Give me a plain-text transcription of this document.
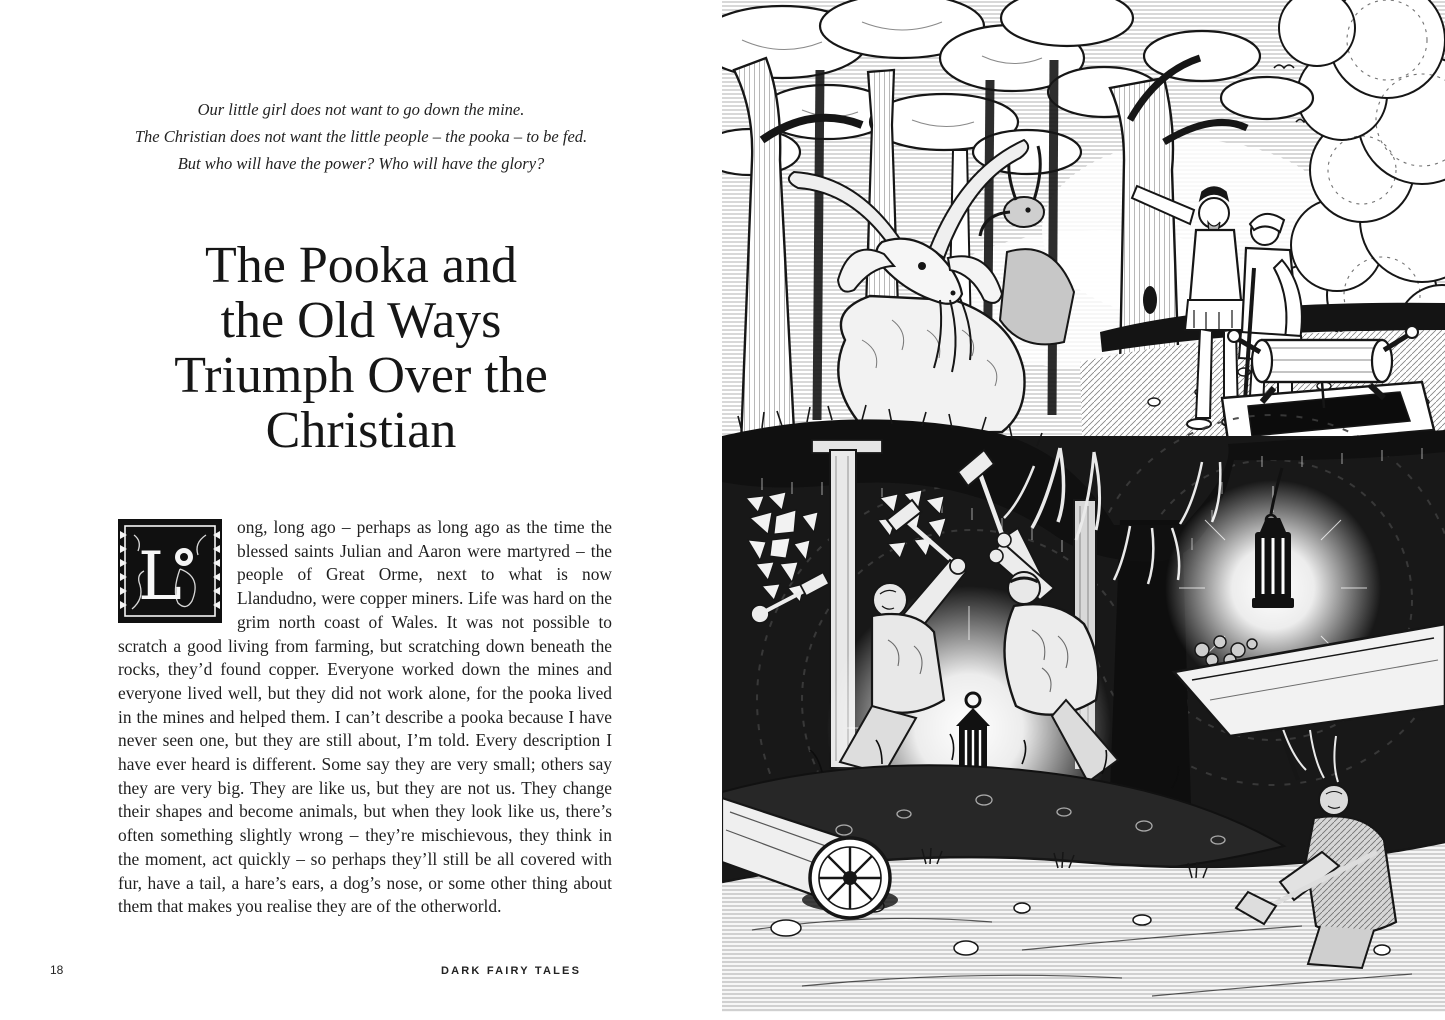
Our little girl does not want to go down the mine.
The Christian does not want the little people – the pooka – to be fed.
But who will have the power? Who will have the glory?
The Pooka and
the Old Ways
Triumph Over the
Christian
L
ong, long ago – perhaps as long ago as the time the blessed saints Julian and Aaron were martyred – the people of Great Orme, next to what is now Llandudno, were copper miners. Life was hard on the grim north coast of Wales. It was not possible to scratch a good living from farming, but scratching down beneath the rocks, they’d found copper. Everyone worked down the mines and everyone lived well, but they did not work alone, for the pooka lived in the mines and helped them. I can’t describe a pooka because I have never seen one, but they are still about, I’m told. Every description I have ever heard is different. Some say they are very small; others say they are very big. They are like us, but they are not us. They change their shapes and become animals, but when they look like us, there’s often something slightly wrong – they’re mischievous, they think in the moment, act quickly – so perhaps they’ll still be all covered with fur, have a tail, a hare’s ears, a dog’s nose, or some other thing about them that makes you realise they are of the otherworld.
18	DARK FAIRY TALES
